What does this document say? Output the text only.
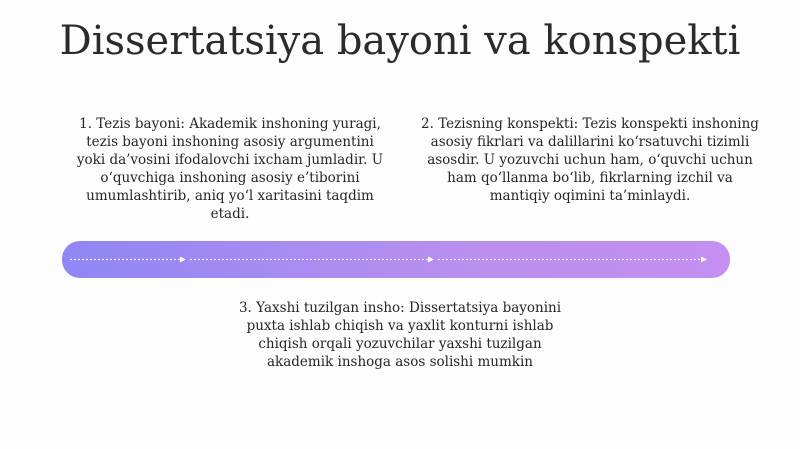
Dissertatsiya bayoni va konspekti
1. Tezis bayoni: Akademik inshoning yuragi, tezis bayoni inshoning asosiy argumentini yoki da’vosini ifodalovchi ixcham jumladir. U o‘quvchiga inshoning asosiy e’tiborini umumlashtirib, aniq yo‘l xaritasini taqdim etadi.
2. Tezisning konspekti: Tezis konspekti inshoning asosiy fikrlari va dalillarini ko‘rsatuvchi tizimli asosdir. U yozuvchi uchun ham, o‘quvchi uchun ham qo‘llanma bo‘lib, fikrlarning izchil va mantiqiy oqimini ta’minlaydi.
3. Yaxshi tuzilgan insho: Dissertatsiya bayonini puxta ishlab chiqish va yaxlit konturni ishlab chiqish orqali yozuvchilar yaxshi tuzilgan akademik inshoga asos solishi mumkin
